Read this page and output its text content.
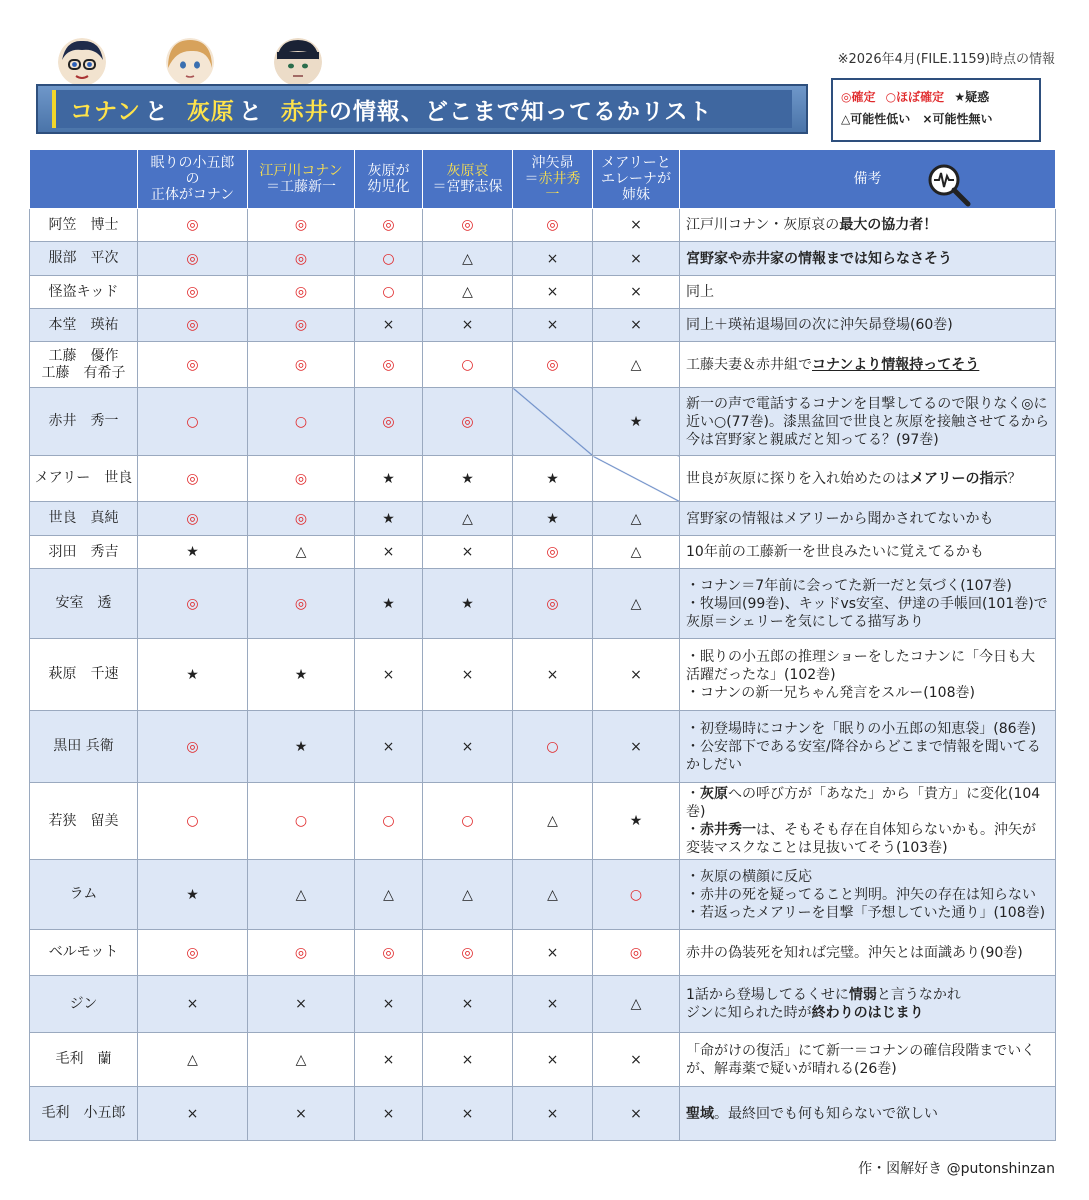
※2026年4月(FILE.1159)時点の情報
コナン と 灰原 と 赤井 の情報、どこまで知ってるかリスト
◎確定 ○ほぼ確定 ★疑惑
△可能性低い ×可能性無い
	眠りの小五郎
の
正体がコナン	江戸川コナン
＝工藤新一	灰原が
幼児化	灰原哀
＝宮野志保	沖矢昴
＝赤井秀
一	メアリーと
エレーナが
姉妹	備考

阿笠　博士	◎	◎	◎	◎	◎	×	江戸川コナン・灰原哀の最大の協力者！
服部　平次	◎	◎	○	△	×	×	宮野家や赤井家の情報までは知らなさそう
怪盗キッド	◎	◎	○	△	×	×	同上
本堂　瑛祐	◎	◎	×	×	×	×	同上＋瑛祐退場回の次に沖矢昴登場(60巻)
工藤　優作
工藤　有希子	◎	◎	◎	○	◎	△	工藤夫妻＆赤井組でコナンより情報持ってそう
赤井　秀一	○	○	◎	◎		★	新一の声で電話するコナンを目撃してるので限りなく◎に近い○(77巻)。漆黒盆回で世良と灰原を接触させてるから今は宮野家と親戚だと知ってる？(97巻)
メアリー　世良	◎	◎	★	★	★		世良が灰原に探りを入れ始めたのはメアリーの指示？
世良　真純	◎	◎	★	△	★	△	宮野家の情報はメアリーから聞かされてないかも
羽田　秀吉	★	△	×	×	◎	△	10年前の工藤新一を世良みたいに覚えてるかも
安室　透	◎	◎	★	★	◎	△	・コナン＝7年前に会ってた新一だと気づく(107巻)
・牧場回(99巻)、キッドvs安室、伊達の手帳回(101巻)で灰原＝シェリーを気にしてる描写あり
萩原　千速	★	★	×	×	×	×	・眠りの小五郎の推理ショーをしたコナンに「今日も大活躍だったな」(102巻)
・コナンの新一兄ちゃん発言をスルー(108巻)
黒田 兵衛	◎	★	×	×	○	×	・初登場時にコナンを「眠りの小五郎の知恵袋」(86巻)
・公安部下である安室/降谷からどこまで情報を聞いてるかしだい
若狭　留美	○	○	○	○	△	★	・灰原への呼び方が「あなた」から「貴方」に変化(104巻)
・赤井秀一は、そもそも存在自体知らないかも。沖矢が変装マスクなことは見抜いてそう(103巻)
ラム	★	△	△	△	△	○	・灰原の横顔に反応
・赤井の死を疑ってること判明。沖矢の存在は知らない
・若返ったメアリーを目撃「予想していた通り」(108巻)
ベルモット	◎	◎	◎	◎	×	◎	赤井の偽装死を知れば完璧。沖矢とは面識あり(90巻)
ジン	×	×	×	×	×	△	1話から登場してるくせに情弱と言うなかれ
ジンに知られた時が終わりのはじまり
毛利　蘭	△	△	×	×	×	×	「命がけの復活」にて新一＝コナンの確信段階までいくが、解毒薬で疑いが晴れる(26巻)
毛利　小五郎	×	×	×	×	×	×	聖域。最終回でも何も知らないで欲しい
作・図解好き @putonshinzan
